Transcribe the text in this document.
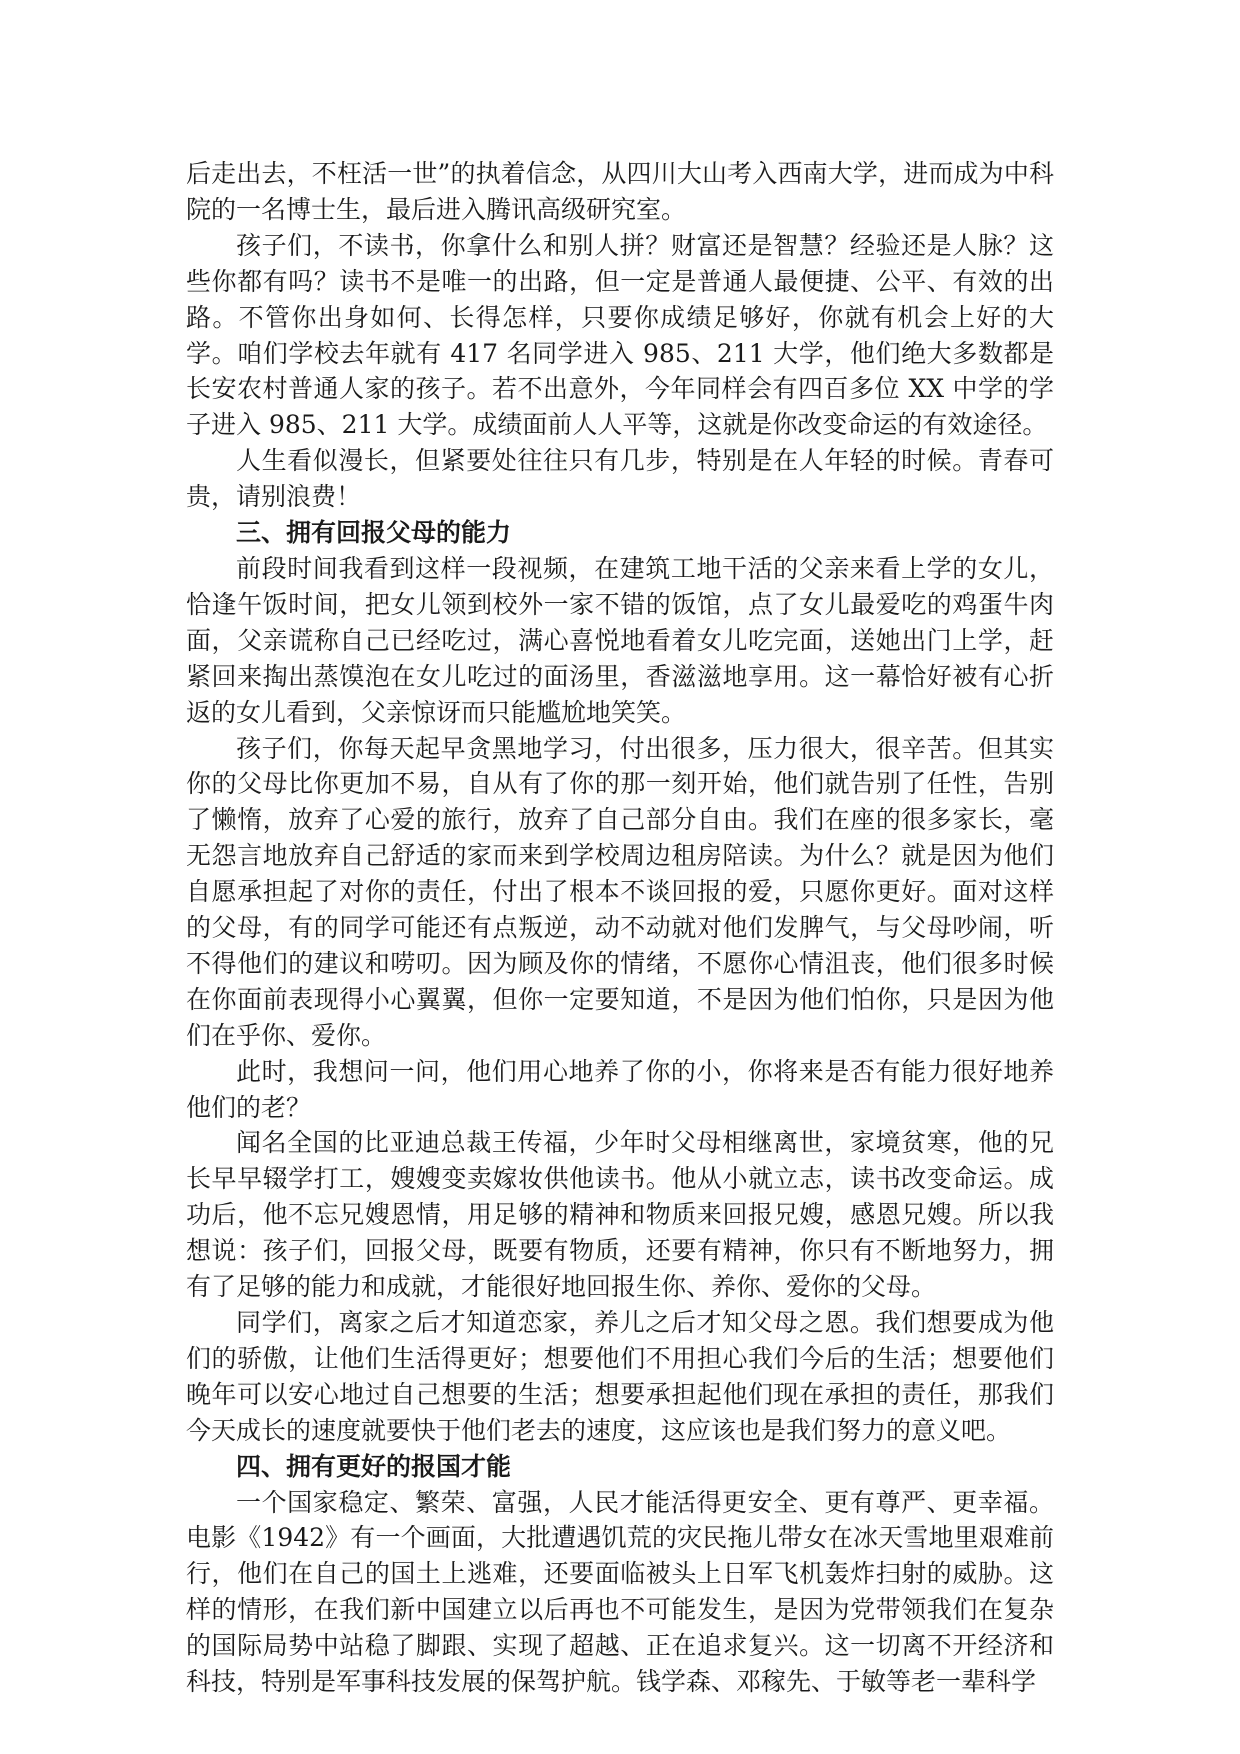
后走出去，不枉活一世”的执着信念，从四川大山考入西南大学，进而成为中科院的一名博士生，最后进入腾讯高级研究室。

孩子们，不读书，你拿什么和别人拼？财富还是智慧？经验还是人脉？这些你都有吗？读书不是唯一的出路，但一定是普通人最便捷、公平、有效的出路。不管你出身如何、长得怎样，只要你成绩足够好，你就有机会上好的大学。咱们学校去年就有 417 名同学进入 985、211 大学，他们绝大多数都是长安农村普通人家的孩子。若不出意外，今年同样会有四百多位 XX 中学的学子进入 985、211 大学。成绩面前人人平等，这就是你改变命运的有效途径。

人生看似漫长，但紧要处往往只有几步，特别是在人年轻的时候。青春可贵，请别浪费！

三、拥有回报父母的能力

前段时间我看到这样一段视频，在建筑工地干活的父亲来看上学的女儿，恰逢午饭时间，把女儿领到校外一家不错的饭馆，点了女儿最爱吃的鸡蛋牛肉面，父亲谎称自己已经吃过，满心喜悦地看着女儿吃完面，送她出门上学，赶紧回来掏出蒸馍泡在女儿吃过的面汤里，香滋滋地享用。这一幕恰好被有心折返的女儿看到，父亲惊讶而只能尴尬地笑笑。

孩子们，你每天起早贪黑地学习，付出很多，压力很大，很辛苦。但其实你的父母比你更加不易，自从有了你的那一刻开始，他们就告别了任性，告别了懒惰，放弃了心爱的旅行，放弃了自己部分自由。我们在座的很多家长，毫无怨言地放弃自己舒适的家而来到学校周边租房陪读。为什么？就是因为他们自愿承担起了对你的责任，付出了根本不谈回报的爱，只愿你更好。面对这样的父母，有的同学可能还有点叛逆，动不动就对他们发脾气，与父母吵闹，听不得他们的建议和唠叨。因为顾及你的情绪，不愿你心情沮丧，他们很多时候在你面前表现得小心翼翼，但你一定要知道，不是因为他们怕你，只是因为他们在乎你、爱你。

此时，我想问一问，他们用心地养了你的小，你将来是否有能力很好地养他们的老？

闻名全国的比亚迪总裁王传福，少年时父母相继离世，家境贫寒，他的兄长早早辍学打工，嫂嫂变卖嫁妆供他读书。他从小就立志，读书改变命运。成功后，他不忘兄嫂恩情，用足够的精神和物质来回报兄嫂，感恩兄嫂。所以我想说：孩子们，回报父母，既要有物质，还要有精神，你只有不断地努力，拥有了足够的能力和成就，才能很好地回报生你、养你、爱你的父母。

同学们，离家之后才知道恋家，养儿之后才知父母之恩。我们想要成为他们的骄傲，让他们生活得更好；想要他们不用担心我们今后的生活；想要他们晚年可以安心地过自己想要的生活；想要承担起他们现在承担的责任，那我们今天成长的速度就要快于他们老去的速度，这应该也是我们努力的意义吧。

四、拥有更好的报国才能

一个国家稳定、繁荣、富强，人民才能活得更安全、更有尊严、更幸福。电影《1942》有一个画面，大批遭遇饥荒的灾民拖儿带女在冰天雪地里艰难前行，他们在自己的国土上逃难，还要面临被头上日军飞机轰炸扫射的威胁。这样的情形，在我们新中国建立以后再也不可能发生，是因为党带领我们在复杂的国际局势中站稳了脚跟、实现了超越、正在追求复兴。这一切离不开经济和科技，特别是军事科技发展的保驾护航。钱学森、邓稼先、于敏等老一辈科学
